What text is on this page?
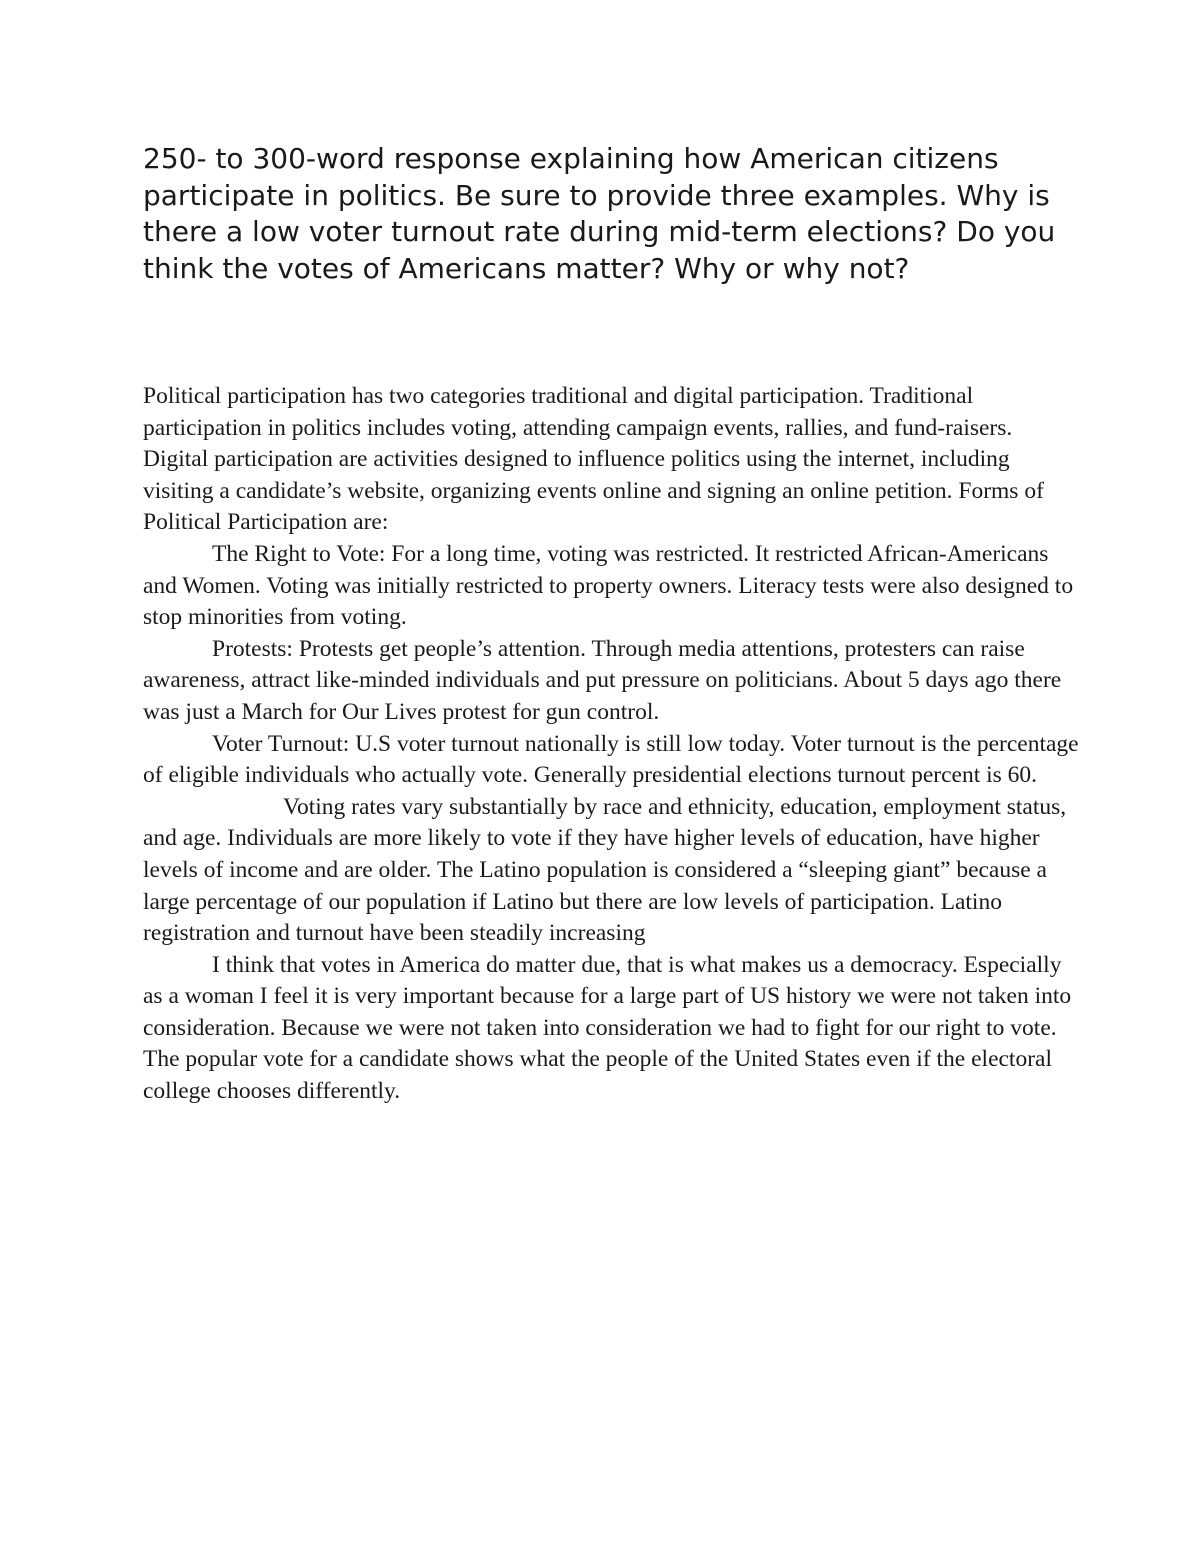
250- to 300-word response explaining how American citizens participate in politics. Be sure to provide three examples. Why is there a low voter turnout rate during mid-term elections? Do you think the votes of Americans matter? Why or why not?

Political participation has two categories traditional and digital participation. Traditional participation in politics includes voting, attending campaign events, rallies, and fund-raisers. Digital participation are activities designed to influence politics using the internet, including visiting a candidate’s website, organizing events online and signing an online petition. Forms of Political Participation are:

The Right to Vote: For a long time, voting was restricted. It restricted African-Americans and Women. Voting was initially restricted to property owners. Literacy tests were also designed to stop minorities from voting.

Protests: Protests get people’s attention. Through media attentions, protesters can raise awareness, attract like-minded individuals and put pressure on politicians. About 5 days ago there was just a March for Our Lives protest for gun control.

Voter Turnout: U.S voter turnout nationally is still low today. Voter turnout is the percentage of eligible individuals who actually vote. Generally presidential elections turnout percent is 60.

Voting rates vary substantially by race and ethnicity, education, employment status, and age. Individuals are more likely to vote if they have higher levels of education, have higher levels of income and are older. The Latino population is considered a “sleeping giant” because a large percentage of our population if Latino but there are low levels of participation. Latino registration and turnout have been steadily increasing

I think that votes in America do matter due, that is what makes us a democracy. Especially as a woman I feel it is very important because for a large part of US history we were not taken into consideration. Because we were not taken into consideration we had to fight for our right to vote. The popular vote for a candidate shows what the people of the United States even if the electoral college chooses differently.
